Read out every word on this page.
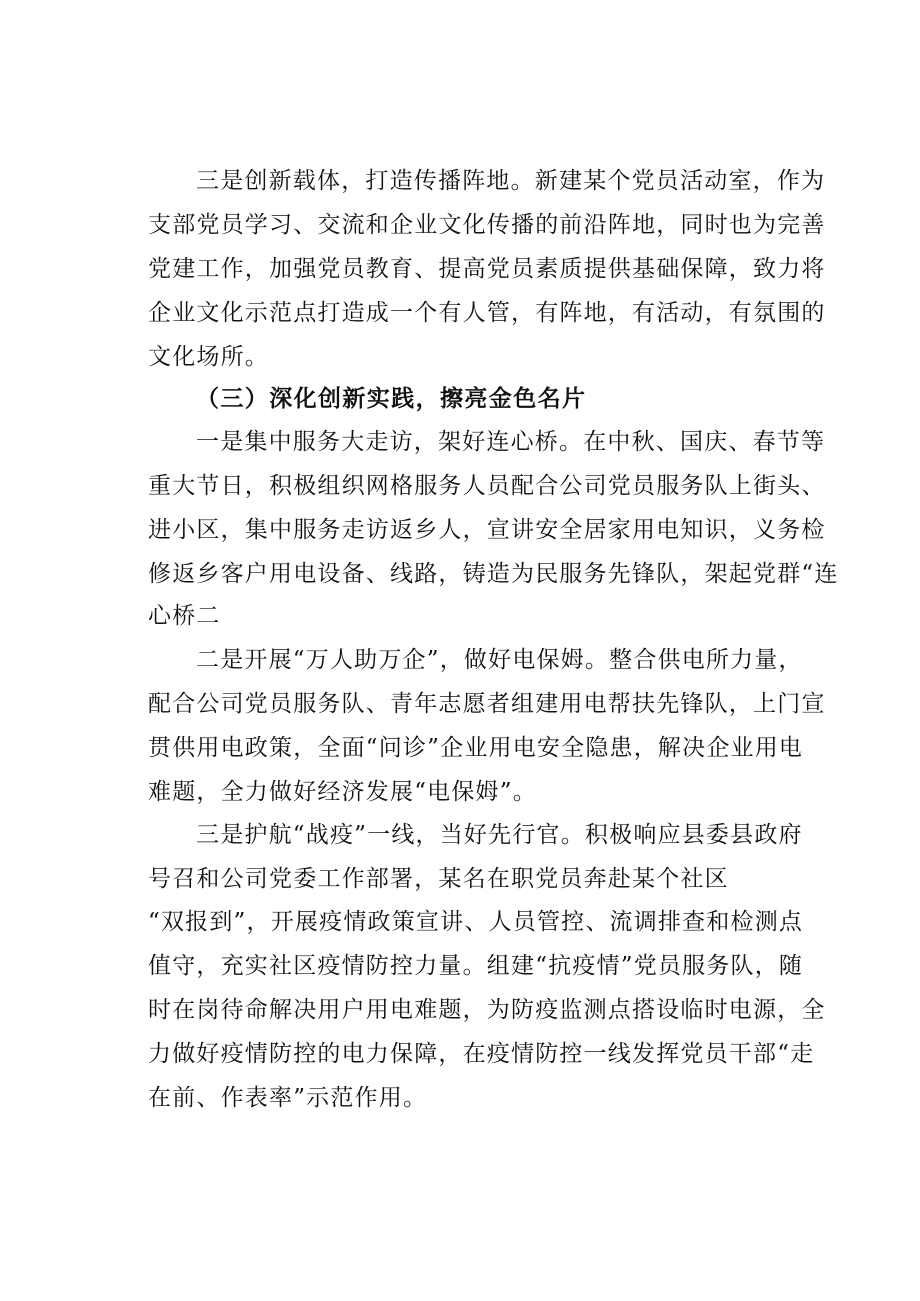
三是创新载体，打造传播阵地。新建某个党员活动室，作为
支部党员学习、交流和企业文化传播的前沿阵地，同时也为完善
党建工作，加强党员教育、提高党员素质提供基础保障，致力将
企业文化示范点打造成一个有人管，有阵地，有活动，有氛围的
文化场所。
（三）深化创新实践，擦亮金色名片
一是集中服务大走访，架好连心桥。在中秋、国庆、春节等
重大节日，积极组织网格服务人员配合公司党员服务队上街头、
进小区，集中服务走访返乡人，宣讲安全居家用电知识，义务检
修返乡客户用电设备、线路，铸造为民服务先锋队，架起党群“连
心桥二
二是开展“万人助万企”，做好电保姆。整合供电所力量，
配合公司党员服务队、青年志愿者组建用电帮扶先锋队，上门宣
贯供用电政策，全面“问诊”企业用电安全隐患，解决企业用电
难题，全力做好经济发展“电保姆”。
三是护航“战疫”一线，当好先行官。积极响应县委县政府
号召和公司党委工作部署，某名在职党员奔赴某个社区
“双报到”，开展疫情政策宣讲、人员管控、流调排查和检测点
值守，充实社区疫情防控力量。组建“抗疫情”党员服务队，随
时在岗待命解决用户用电难题，为防疫监测点搭设临时电源，全
力做好疫情防控的电力保障，在疫情防控一线发挥党员干部“走
在前、作表率”示范作用。
